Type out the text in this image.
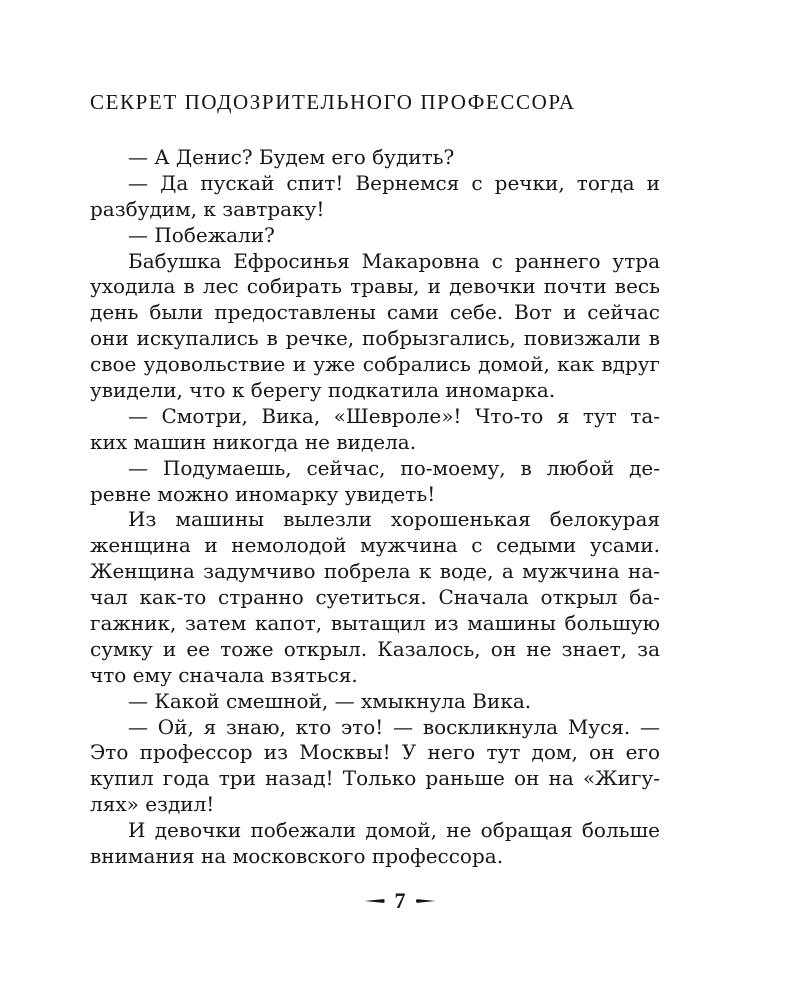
СЕКРЕТ ПОДОЗРИТЕЛЬНОГО ПРОФЕССОРА
— А Денис? Будем его будить?
— Да пускай спит! Вернемся с речки, тогда и
разбудим, к завтраку!
— Побежали?
Бабушка Ефросинья Макаровна с раннего утра
уходила в лес собирать травы, и девочки почти весь
день были предоставлены сами себе. Вот и сейчас
они искупались в речке, побрызгались, повизжали в
свое удовольствие и уже собрались домой, как вдруг
увидели, что к берегу подкатила иномарка.
— Смотри, Вика, «Шевроле»! Что-то я тут та-
ких машин никогда не видела.
— Подумаешь, сейчас, по-моему, в любой де-
ревне можно иномарку увидеть!
Из машины вылезли хорошенькая белокурая
женщина и немолодой мужчина с седыми усами.
Женщина задумчиво побрела к воде, а мужчина на-
чал как-то странно суетиться. Сначала открыл ба-
гажник, затем капот, вытащил из машины большую
сумку и ее тоже открыл. Казалось, он не знает, за
что ему сначала взяться.
— Какой смешной, — хмыкнула Вика.
— Ой, я знаю, кто это! — воскликнула Муся. —
Это профессор из Москвы! У него тут дом, он его
купил года три назад! Только раньше он на «Жигу-
лях» ездил!
И девочки побежали домой, не обращая больше
внимания на московского профессора.
7
